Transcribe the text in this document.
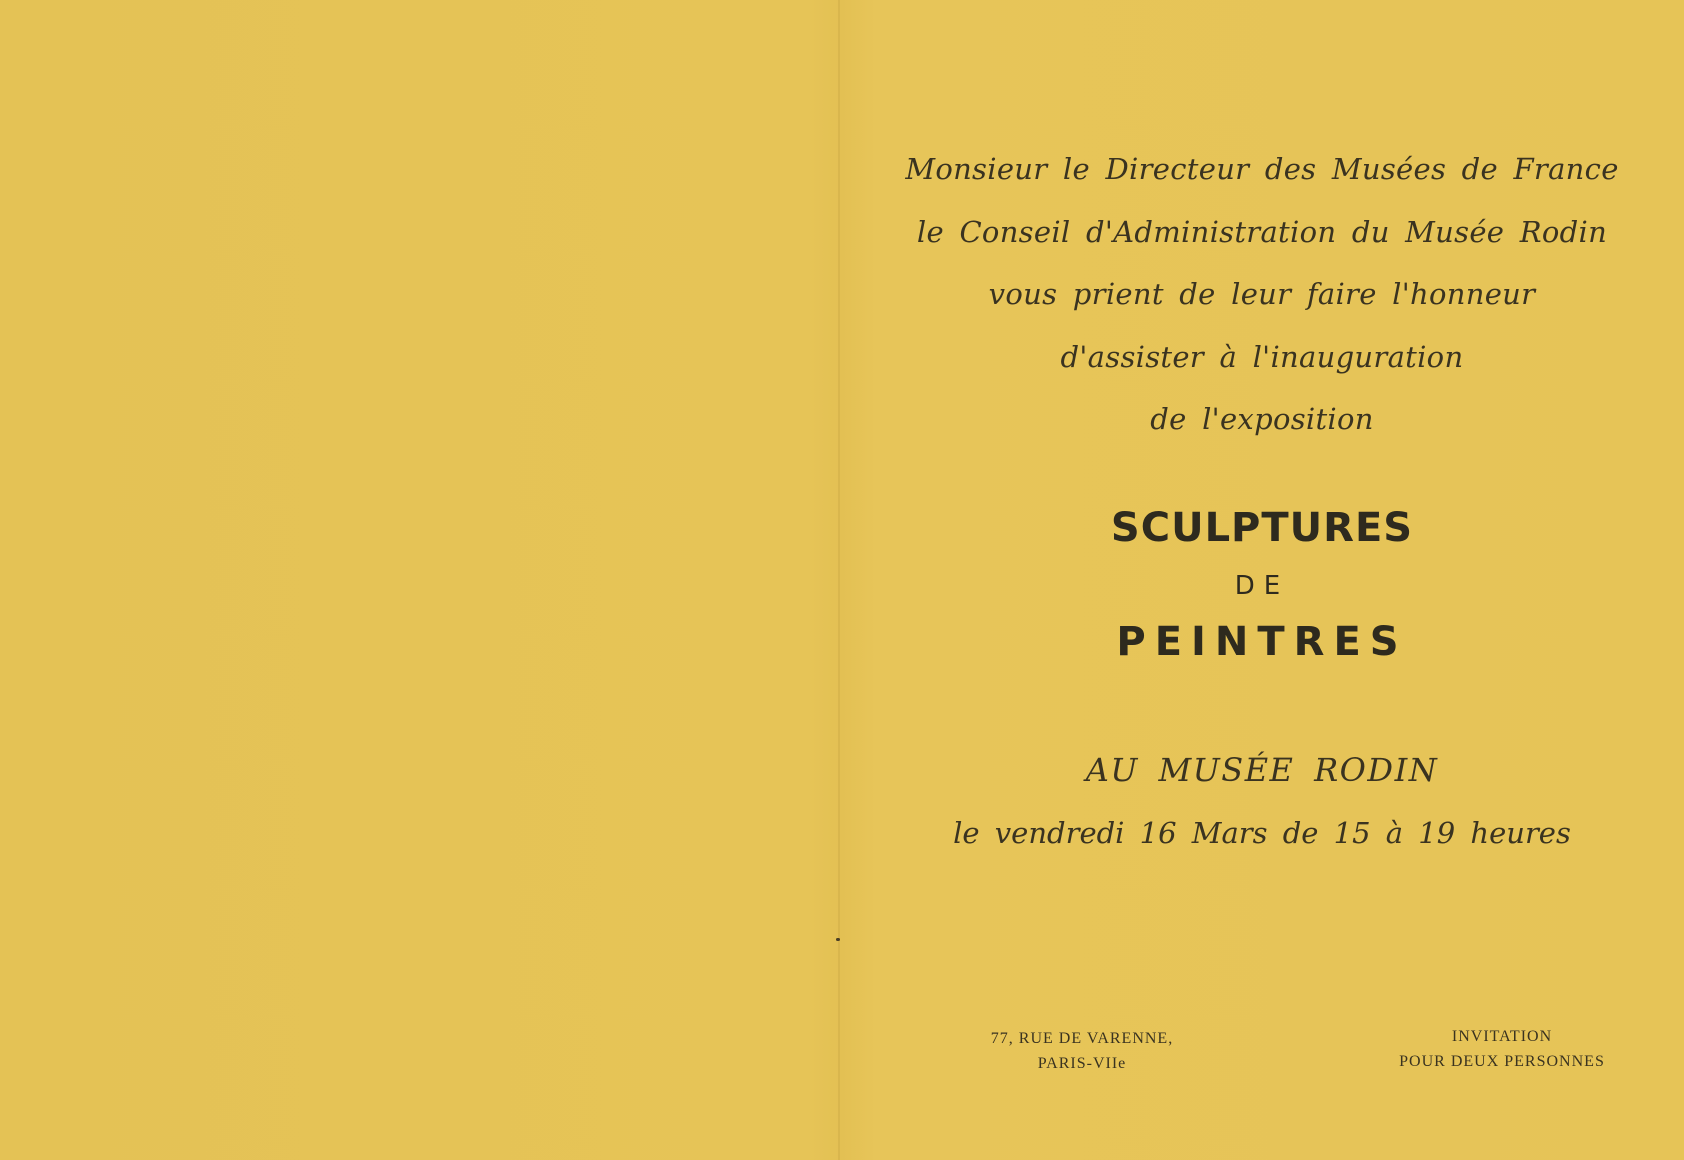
Monsieur le Directeur des Musées de France
le Conseil d'Administration du Musée Rodin
vous prient de leur faire l'honneur
d'assister à l'inauguration
de l'exposition
SCULPTURES
DE
PEINTRES
AU MUSÉE RODIN
le vendredi 16 Mars de 15 à 19 heures
77, RUE DE VARENNE,
PARIS-VIIe
INVITATION
POUR DEUX PERSONNES
